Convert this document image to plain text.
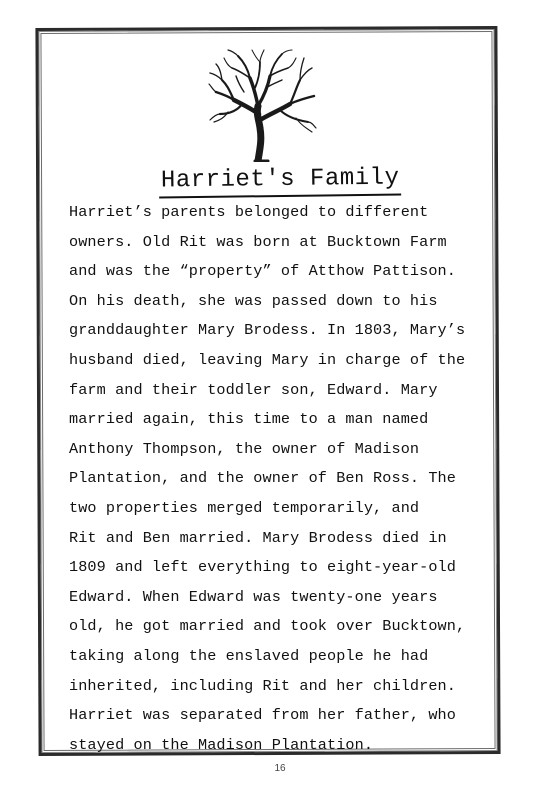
Harriet's Family
Harriet’s parents belonged to different
owners. Old Rit was born at Bucktown Farm
and was the “property” of Atthow Pattison.
On his death, she was passed down to his
granddaughter Mary Brodess. In 1803, Mary’s
husband died, leaving Mary in charge of the
farm and their toddler son, Edward. Mary
married again, this time to a man named
Anthony Thompson, the owner of Madison
Plantation, and the owner of Ben Ross. The
two properties merged temporarily, and
Rit and Ben married. Mary Brodess died in
1809 and left everything to eight-year-old
Edward. When Edward was twenty-one years
old, he got married and took over Bucktown,
taking along the enslaved people he had
inherited, including Rit and her children.
Harriet was separated from her father, who
stayed on the Madison Plantation.
16
